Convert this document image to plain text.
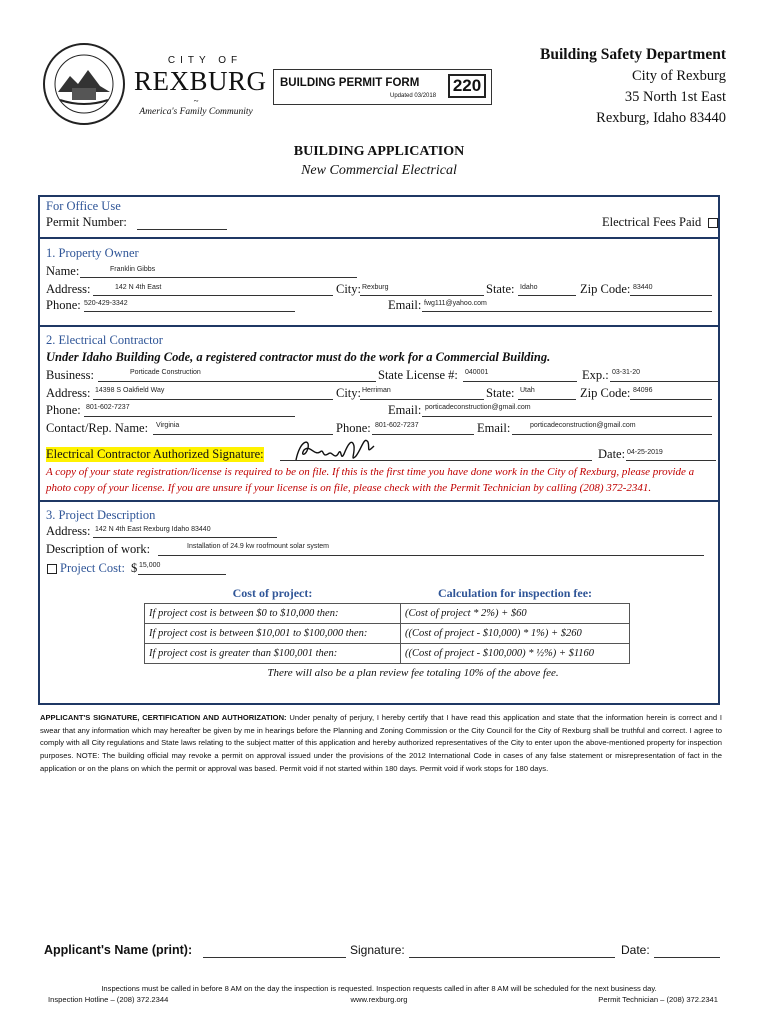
CITY OF
REXBURG
~
America's Family Community
BUILDING PERMIT FORM
Updated 03/2018
220
Building Safety Department
City of Rexburg
35 North 1st East
Rexburg, Idaho 83440
BUILDING APPLICATION
New Commercial Electrical
For Office Use
Permit Number:	Electrical Fees Paid
1. Property Owner
Name:	Franklin Gibbs
Address:	142 N 4th East	City: Rexburg	State: Idaho	Zip Code: 83440
Phone: 520-429-3342	Email: fwg111@yahoo.com
2. Electrical Contractor
Under Idaho Building Code, a registered contractor must do the work for a Commercial Building.
Business:	Porticade Construction	State License #: 040001	Exp.: 03-31-20
Address: 14398 S Oakfield Way	City: Herriman	State: Utah	Zip Code: 84096
Phone: 801-602-7237	Email: porticadeconstruction@gmail.com
Contact/Rep. Name: Virginia	Phone: 801-602-7237	Email:	porticadeconstruction@gmail.com
Electrical Contractor Authorized Signature:	Date: 04-25-2019
A copy of your state registration/license is required to be on file. If this is the first time you have done work in the City of Rexburg, please provide a photo copy of your license. If you are unsure if your license is on file, please check with the Permit Technician by calling (208) 372-2341.
3. Project Description
Address: 142 N 4th East Rexburg Idaho 83440
Description of work:	Installation of 24.9 kw roofmount solar system
Project Cost: $ 15,000
Cost of project:	Calculation for inspection fee:
If project cost is between $0 to $10,000 then:	(Cost of project * 2%) + $60
If project cost is between $10,001 to $100,000 then:	((Cost of project - $10,000) * 1%) + $260
If project cost is greater than $100,001 then:	((Cost of project - $100,000) * ½%) + $1160
There will also be a plan review fee totaling 10% of the above fee.
APPLICANT'S SIGNATURE, CERTIFICATION AND AUTHORIZATION: Under penalty of perjury, I hereby certify that I have read this application and state that the information herein is correct and I swear that any information which may hereafter be given by me in hearings before the Planning and Zoning Commission or the City Council for the City of Rexburg shall be truthful and correct. I agree to comply with all City regulations and State laws relating to the subject matter of this application and hereby authorized representatives of the City to enter upon the above-mentioned property for inspection purposes. NOTE: The building official may revoke a permit on approval issued under the provisions of the 2012 International Code in cases of any false statement or misrepresentation of fact in the application or on the plans on which the permit or approval was based. Permit void if not started within 180 days. Permit void if work stops for 180 days.
Applicant's Name (print):	Signature:	Date:
Inspections must be called in before 8 AM on the day the inspection is requested. Inspection requests called in after 8 AM will be scheduled for the next business day.
Inspection Hotline – (208) 372.2344	www.rexburg.org	Permit Technician – (208) 372.2341
